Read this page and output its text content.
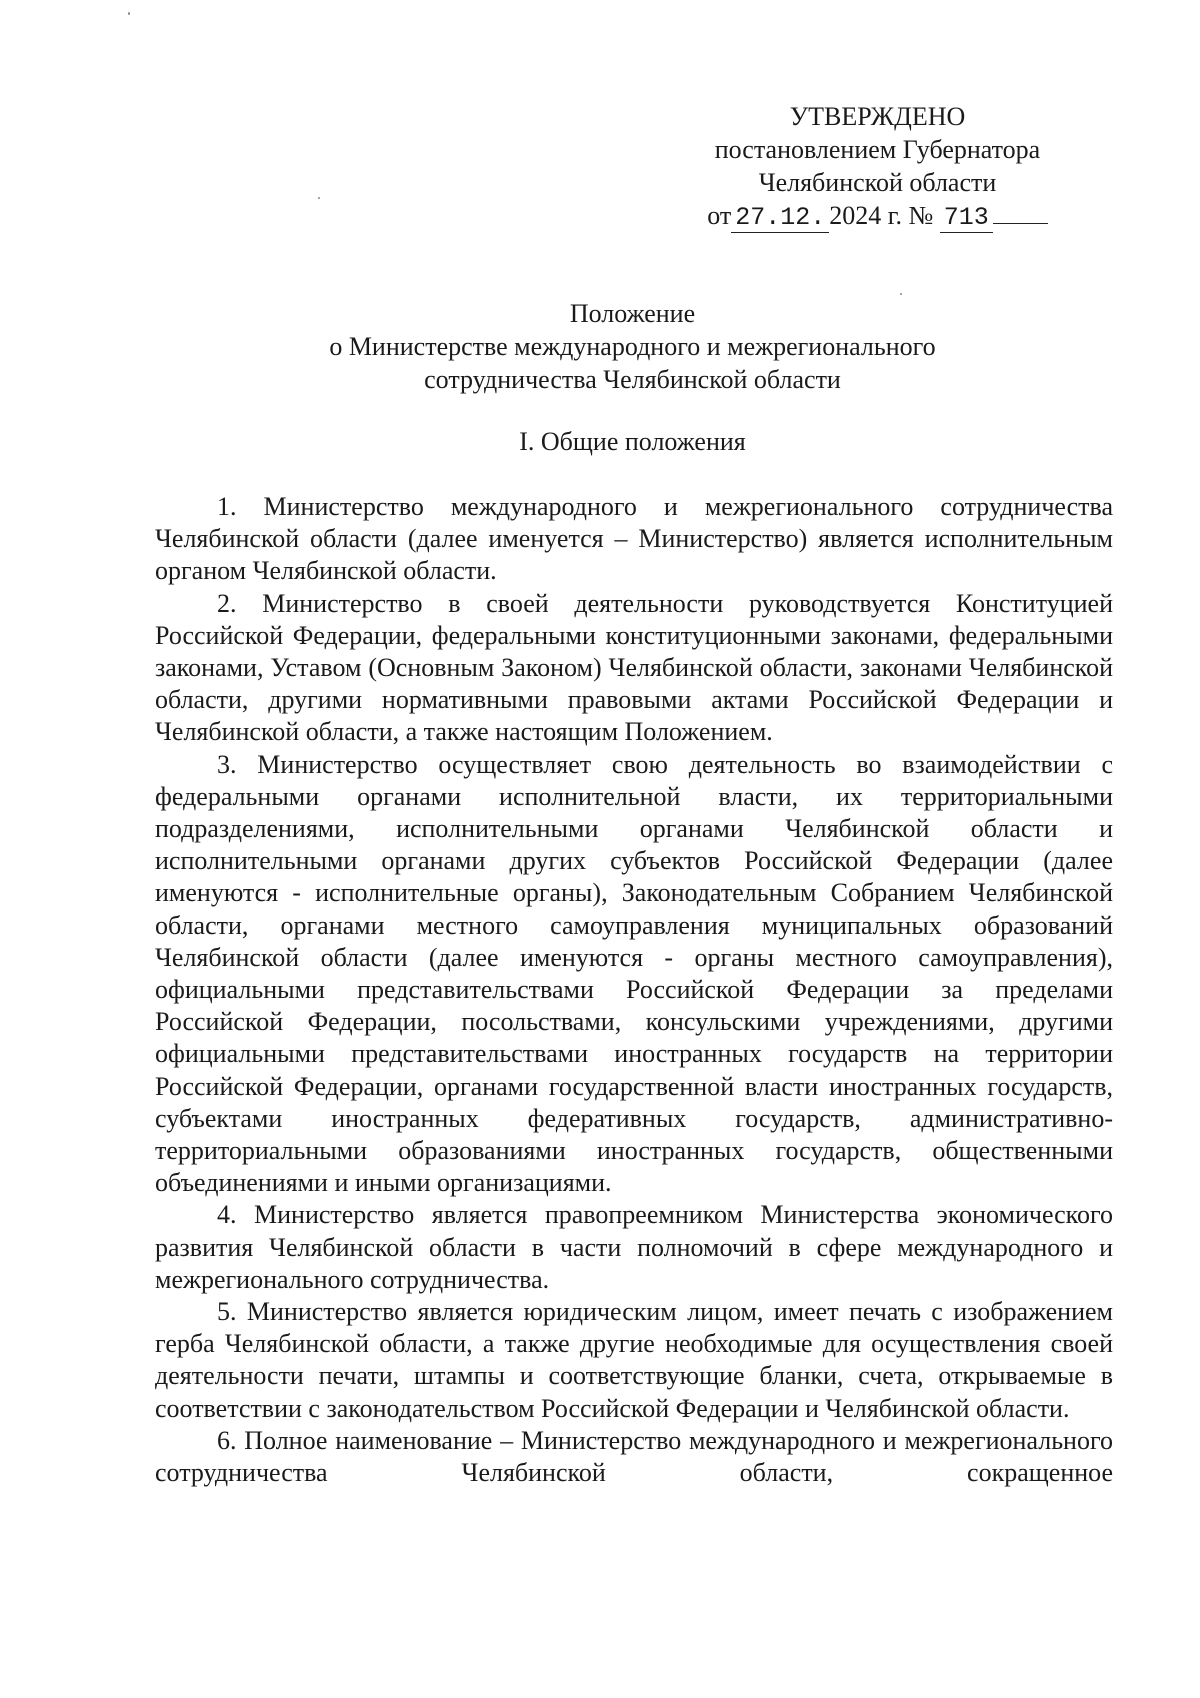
УТВЕРЖДЕНО
постановлением Губернатора
Челябинской области
от 27.12. 2024 г. № 713
Положение
о Министерстве международного и межрегионального
сотрудничества Челябинской области
I. Общие положения

1. Министерство международного и межрегионального сотрудничества Челябинской области (далее именуется – Министерство) является исполнительным органом Челябинской области.

2. Министерство в своей деятельности руководствуется Конституцией Российской Федерации, федеральными конституционными законами, федеральными законами, Уставом (Основным Законом) Челябинской области, законами Челябинской области, другими нормативными правовыми актами Российской Федерации и Челябинской области, а также настоящим Положением.

3. Министерство осуществляет свою деятельность во взаимодействии с федеральными органами исполнительной власти, их территориальными подразделениями, исполнительными органами Челябинской области и исполнительными органами других субъектов Российской Федерации (далее именуются - исполнительные органы), Законодательным Собранием Челябинской области, органами местного самоуправления муниципальных образований Челябинской области (далее именуются - органы местного самоуправления), официальными представительствами Российской Федерации за пределами Российской Федерации, посольствами, консульскими учреждениями, другими официальными представительствами иностранных государств на территории Российской Федерации, органами государственной власти иностранных государств, субъектами иностранных федеративных государств, административно-территориальными образованиями иностранных государств, общественными объединениями и иными организациями.

4. Министерство является правопреемником Министерства экономического развития Челябинской области в части полномочий в сфере международного и межрегионального сотрудничества.

5. Министерство является юридическим лицом, имеет печать с изображением герба Челябинской области, а также другие необходимые для осуществления своей деятельности печати, штампы и соответствующие бланки, счета, открываемые в соответствии с законодательством Российской Федерации и Челябинской области.

6. Полное наименование – Министерство международного и межрегионального сотрудничества Челябинской области, сокращенное
